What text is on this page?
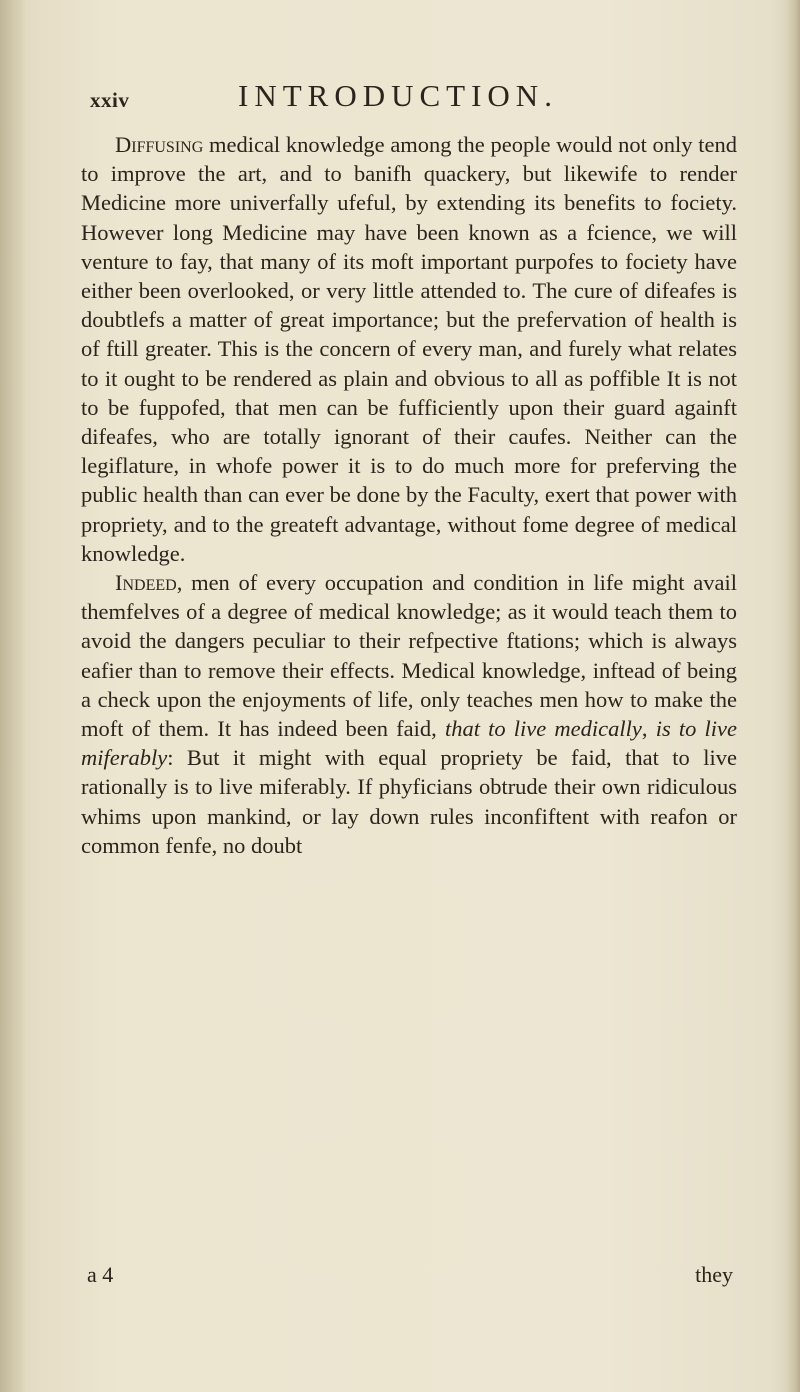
xxiv	INTRODUCTION.

Diffusing medical knowledge among the people would not only tend to improve the art, and to banifh quackery, but likewife to render Medicine more univerfally ufeful, by extending its benefits to fociety. However long Medicine may have been known as a fcience, we will venture to fay, that many of its moft important purpofes to fociety have either been overlooked, or very little attended to. The cure of difeafes is doubtlefs a matter of great importance; but the prefervation of health is of ftill greater. This is the concern of every man, and furely what relates to it ought to be rendered as plain and obvious to all as poffible It is not to be fuppofed, that men can be fufficiently upon their guard againft difeafes, who are totally ignorant of their caufes. Neither can the legiflature, in whofe power it is to do much more for preferving the public health than can ever be done by the Faculty, exert that power with propriety, and to the greateft advantage, without fome degree of medical knowledge.

Indeed, men of every occupation and condition in life might avail themfelves of a degree of medical knowledge; as it would teach them to avoid the dangers peculiar to their refpective ftations; which is always eafier than to remove their effects. Medical knowledge, inftead of being a check upon the enjoyments of life, only teaches men how to make the moft of them. It has indeed been faid, that to live medically, is to live miferably: But it might with equal propriety be faid, that to live rationally is to live miferably. If phyficians obtrude their own ridiculous whims upon mankind, or lay down rules inconfiftent with reafon or common fenfe, no doubt

a 4	they
